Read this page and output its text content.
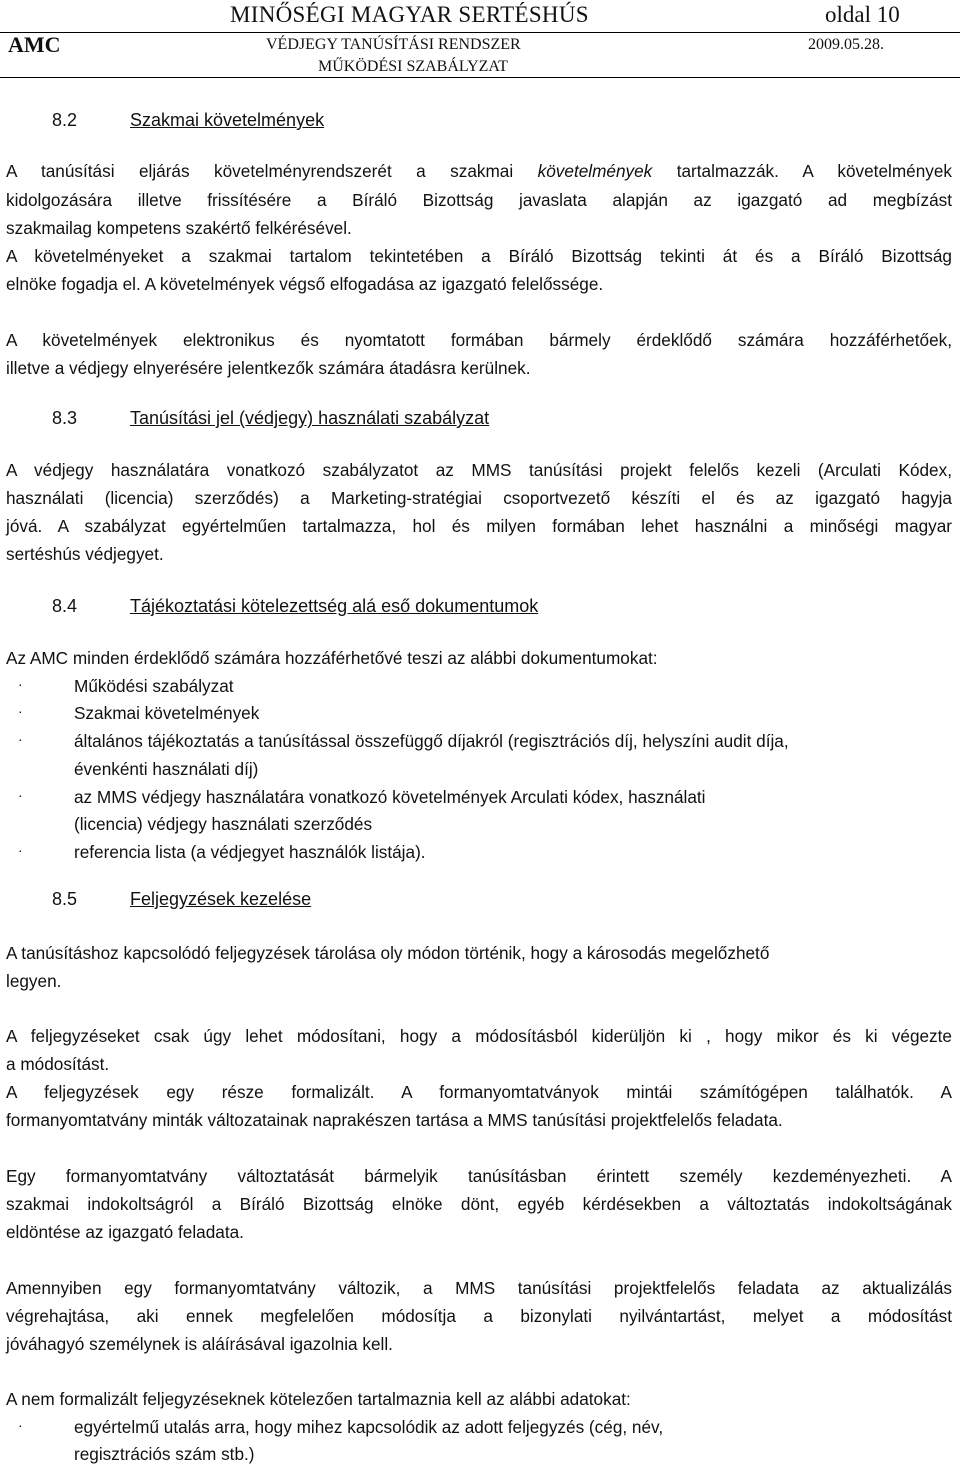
AMC
MINŐSÉGI MAGYAR SERTÉSHÚS
VÉDJEGY TANÚSÍTÁSI RENDSZER
MŰKÖDÉSI SZABÁLYZAT
oldal 10
2009.05.28.
8.2	Szakmai követelmények

A tanúsítási eljárás követelményrendszerét a szakmai követelmények tartalmazzák. A követelmények

kidolgozására illetve frissítésére a Bíráló Bizottság javaslata alapján az igazgató ad megbízást

szakmailag kompetens szakértő felkérésével.

A követelményeket a szakmai tartalom tekintetében a Bíráló Bizottság tekinti át és a Bíráló Bizottság

elnöke fogadja el. A követelmények végső elfogadása az igazgató felelőssége.

A követelmények elektronikus és nyomtatott formában bármely érdeklődő számára hozzáférhetőek,

illetve a védjegy elnyerésére jelentkezők számára átadásra kerülnek.

8.3	Tanúsítási jel (védjegy) használati szabályzat

A védjegy használatára vonatkozó szabályzatot az MMS tanúsítási projekt felelős kezeli (Arculati Kódex,

használati (licencia) szerződés) a Marketing-stratégiai csoportvezető készíti el és az igazgató hagyja

jóvá. A szabályzat egyértelműen tartalmazza, hol és milyen formában lehet használni a minőségi magyar

sertéshús védjegyet.

8.4	Tájékoztatási kötelezettség alá eső dokumentumok

Az AMC minden érdeklődő számára hozzáférhetővé teszi az alábbi dokumentumokat:

·	Működési szabályzat
·	Szakmai követelmények
·	általános tájékoztatás a tanúsítással összefüggő díjakról (regisztrációs díj, helyszíni audit díja,
évenkénti használati díj)
·	az MMS védjegy használatára vonatkozó követelmények Arculati kódex, használati
(licencia) védjegy használati szerződés
·	referencia lista (a védjegyet használók listája).
8.5	Feljegyzések kezelése

A tanúsításhoz kapcsolódó feljegyzések tárolása oly módon történik, hogy a károsodás megelőzhető

legyen.

A feljegyzéseket csak úgy lehet módosítani, hogy a módosításból kiderüljön ki , hogy mikor és ki végezte

a módosítást.

A feljegyzések egy része formalizált. A formanyomtatványok mintái számítógépen találhatók. A

formanyomtatvány minták változatainak naprakészen tartása a MMS tanúsítási projektfelelős feladata.

Egy formanyomtatvány változtatását bármelyik tanúsításban érintett személy kezdeményezheti. A

szakmai indokoltságról a Bíráló Bizottság elnöke dönt, egyéb kérdésekben a változtatás indokoltságának

eldöntése az igazgató feladata.

Amennyiben egy formanyomtatvány változik, a MMS tanúsítási projektfelelős feladata az aktualizálás

végrehajtása, aki ennek megfelelően módosítja a bizonylati nyilvántartást, melyet a módosítást

jóváhagyó személynek is aláírásával igazolnia kell.

A nem formalizált feljegyzéseknek kötelezően tartalmaznia kell az alábbi adatokat:

·	egyértelmű utalás arra, hogy mihez kapcsolódik az adott feljegyzés (cég, név,
regisztrációs szám stb.)
